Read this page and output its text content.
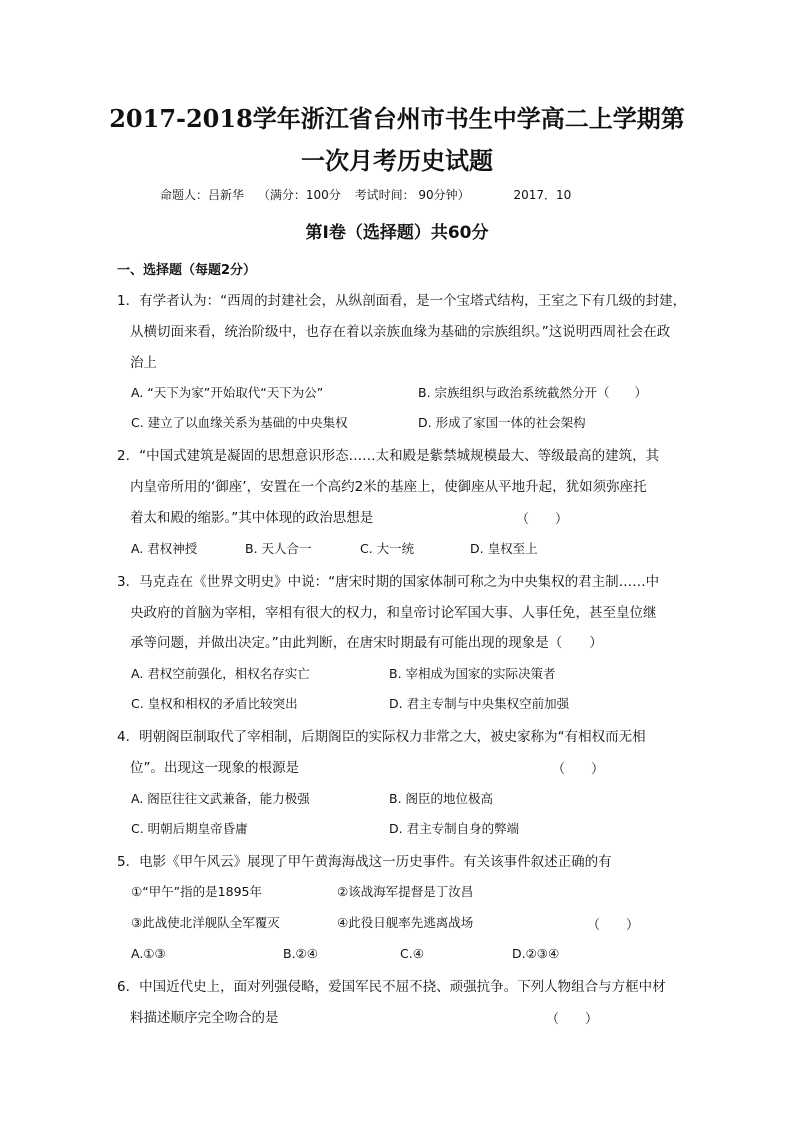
2017-2018学年浙江省台州市书生中学高二上学期第
一次月考历史试题
命题人：吕新华 （满分：100分 考试时间： 90分钟）	2017．10
第Ⅰ卷（选择题）共60分
一、选择题（每题2分）
1．有学者认为：“西周的封建社会，从纵剖面看，是一个宝塔式结构，王室之下有几级的封建，
从横切面来看，统治阶级中，也存在着以亲族血缘为基础的宗族组织。”这说明西周社会在政
治上
A. “天下为家”开始取代“天下为公”	B. 宗族组织与政治系统截然分开（　　）
C. 建立了以血缘关系为基础的中央集权	D. 形成了家国一体的社会架构
2．“中国式建筑是凝固的思想意识形态……太和殿是紫禁城规模最大、等级最高的建筑，其
内皇帝所用的‘御座’，安置在一个高约2米的基座上，使御座从平地升起，犹如须弥座托
着太和殿的缩影。”其中体现的政治思想是	（　　）
A. 君权神授	B. 天人合一	C. 大一统	D. 皇权至上
3．马克垚在《世界文明史》中说：“唐宋时期的国家体制可称之为中央集权的君主制……中
央政府的首脑为宰相，宰相有很大的权力，和皇帝讨论军国大事、人事任免，甚至皇位继
承等问题，并做出决定。”由此判断，在唐宋时期最有可能出现的现象是（　　）
A. 君权空前强化，相权名存实亡	B. 宰相成为国家的实际决策者
C. 皇权和相权的矛盾比较突出	D. 君主专制与中央集权空前加强
4．明朝阁臣制取代了宰相制，后期阁臣的实际权力非常之大，被史家称为“有相权而无相
位”。出现这一现象的根源是	（　　）
A. 阁臣往往文武兼备，能力极强	B. 阁臣的地位极高
C. 明朝后期皇帝昏庸	D. 君主专制自身的弊端
5．电影《甲午风云》展现了甲午黄海海战这一历史事件。有关该事件叙述正确的有
①“甲午”指的是1895年	②该战海军提督是丁汝昌
③此战使北洋舰队全军覆灭	④此役日舰率先逃离战场	（　　）
A.①③	B.②④	C.④	D.②③④
6．中国近代史上，面对列强侵略，爱国军民不屈不挠、顽强抗争。下列人物组合与方框中材
料描述顺序完全吻合的是	（　　）
